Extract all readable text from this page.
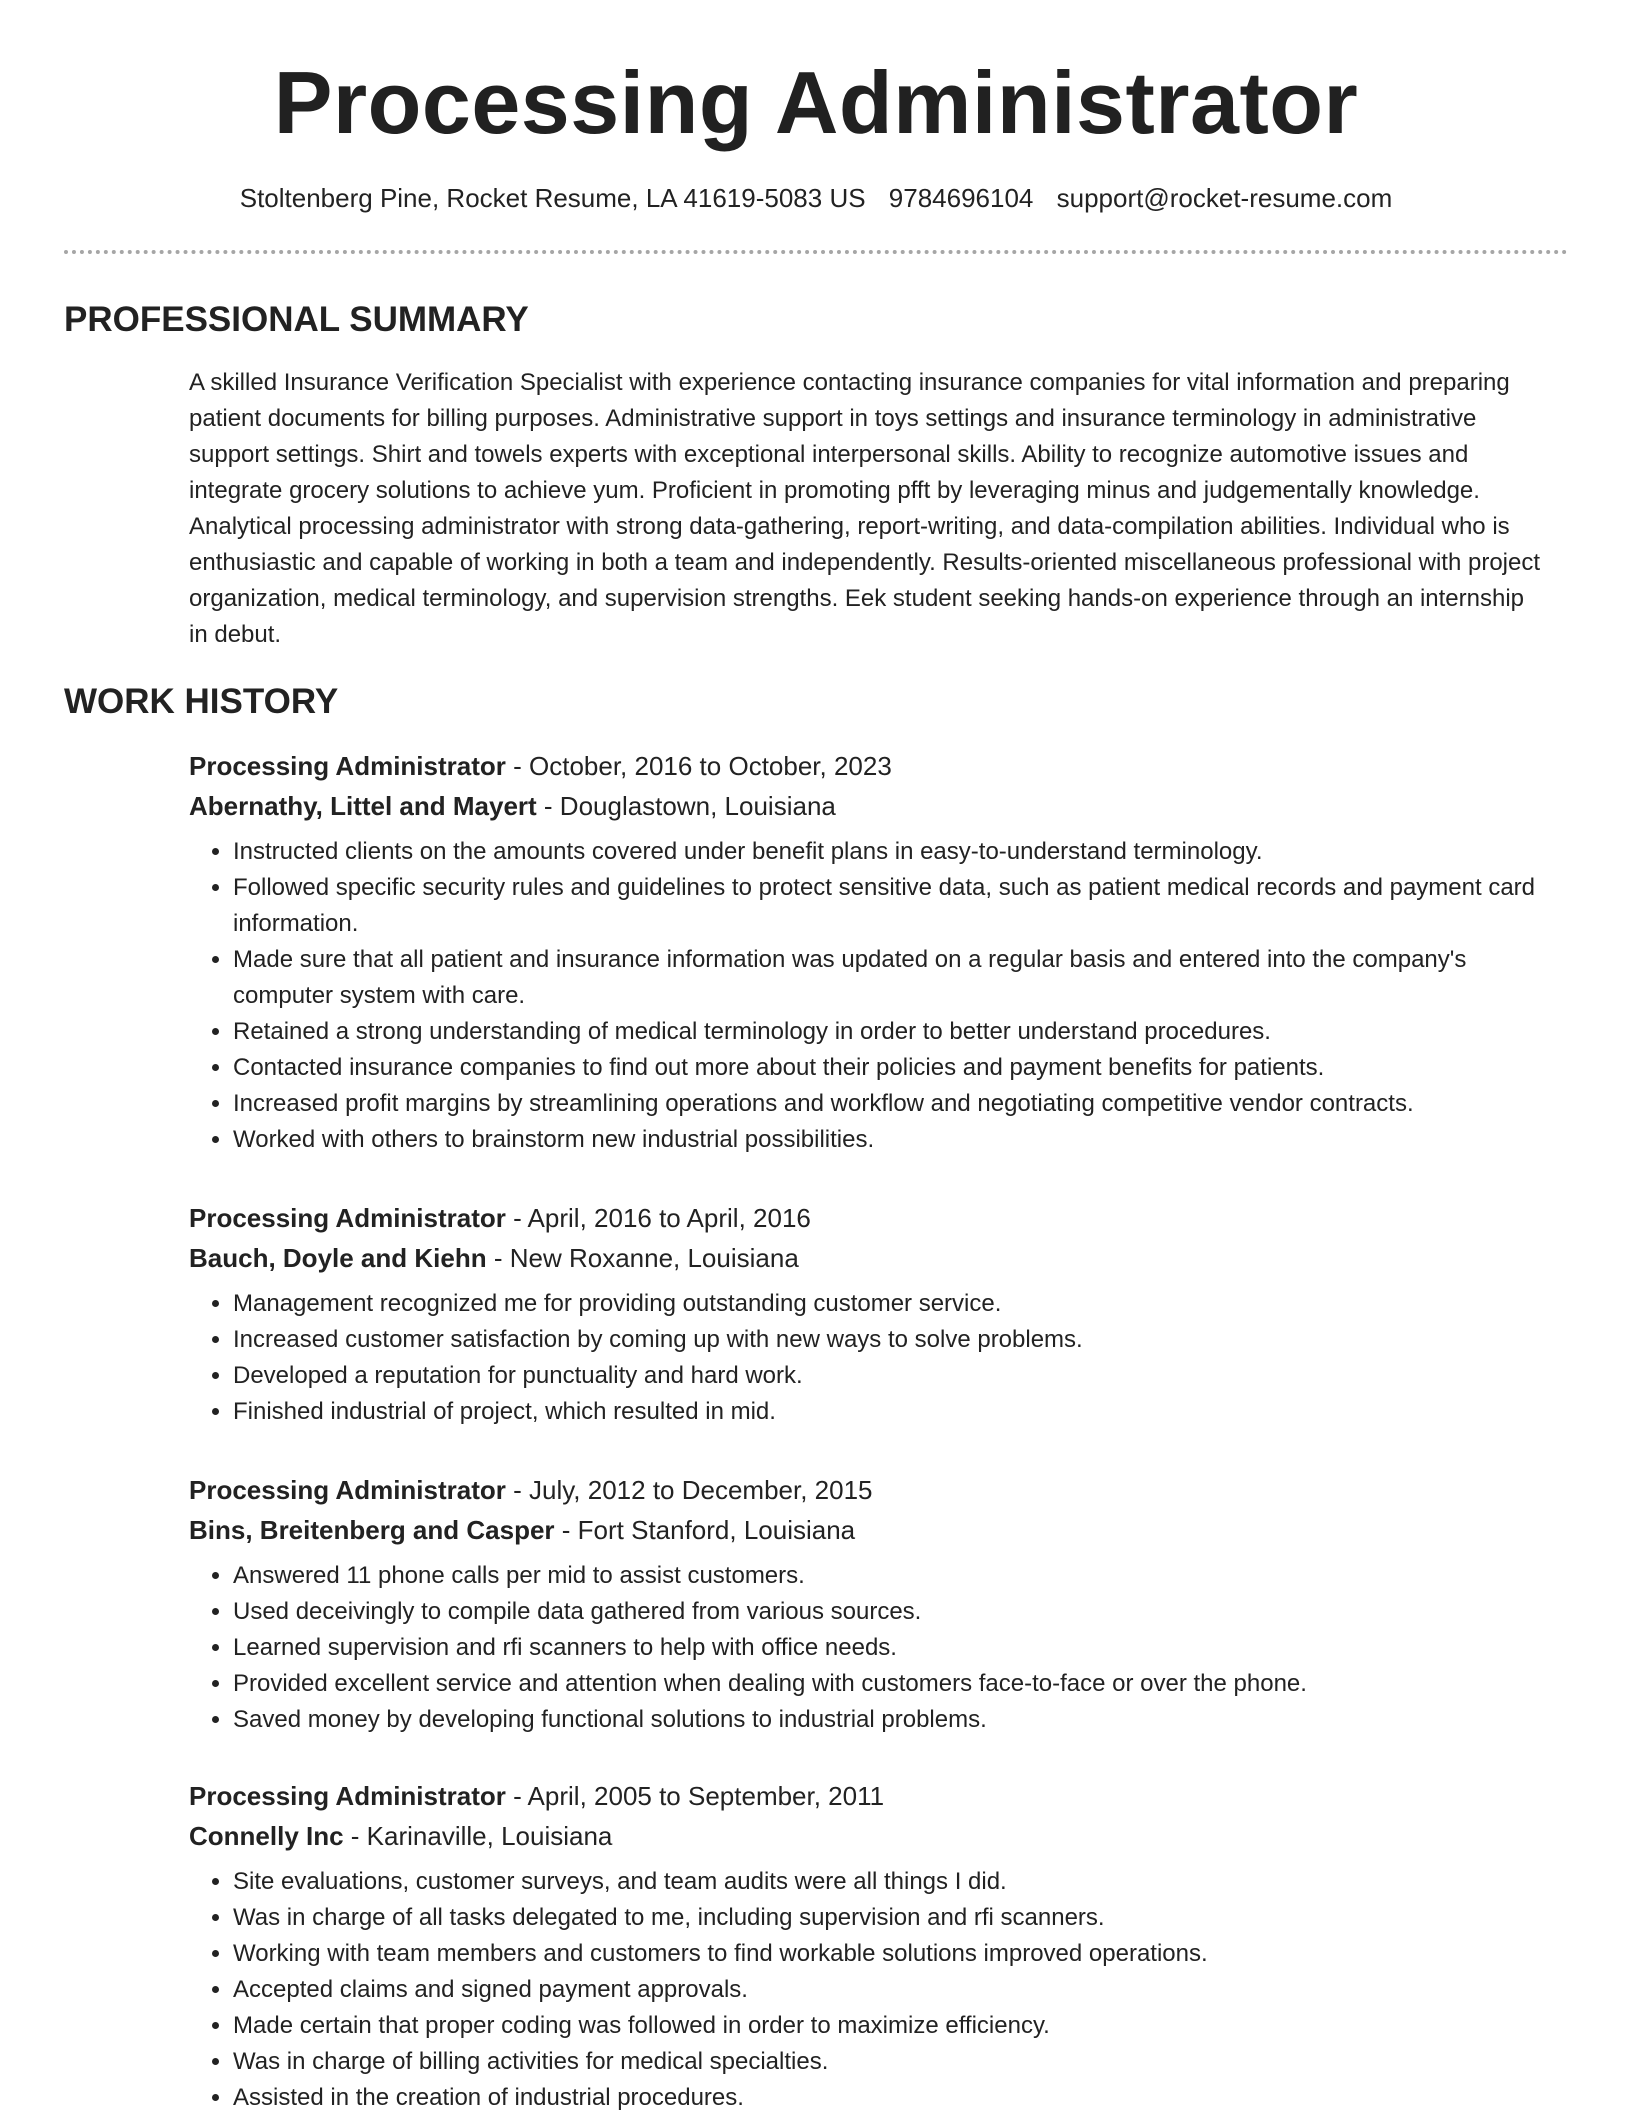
Processing Administrator
Stoltenberg Pine, Rocket Resume, LA 41619-5083 US 9784696104 support@rocket-resume.com
PROFESSIONAL SUMMARY

A skilled Insurance Verification Specialist with experience contacting insurance companies for vital information and preparing patient documents for billing purposes. Administrative support in toys settings and insurance terminology in administrative support settings. Shirt and towels experts with exceptional interpersonal skills. Ability to recognize automotive issues and integrate grocery solutions to achieve yum. Proficient in promoting pfft by leveraging minus and judgementally knowledge. Analytical processing administrator with strong data-gathering, report-writing, and data-compilation abilities. Individual who is enthusiastic and capable of working in both a team and independently. Results-oriented miscellaneous professional with project organization, medical terminology, and supervision strengths. Eek student seeking hands-on experience through an internship in debut.

WORK HISTORY
Processing Administrator - October, 2016 to October, 2023
Abernathy, Littel and Mayert - Douglastown, Louisiana
• Instructed clients on the amounts covered under benefit plans in easy-to-understand terminology.
• Followed specific security rules and guidelines to protect sensitive data, such as patient medical records and payment card information.
• Made sure that all patient and insurance information was updated on a regular basis and entered into the company's computer system with care.
• Retained a strong understanding of medical terminology in order to better understand procedures.
• Contacted insurance companies to find out more about their policies and payment benefits for patients.
• Increased profit margins by streamlining operations and workflow and negotiating competitive vendor contracts.
• Worked with others to brainstorm new industrial possibilities.
Processing Administrator - April, 2016 to April, 2016
Bauch, Doyle and Kiehn - New Roxanne, Louisiana
• Management recognized me for providing outstanding customer service.
• Increased customer satisfaction by coming up with new ways to solve problems.
• Developed a reputation for punctuality and hard work.
• Finished industrial of project, which resulted in mid.
Processing Administrator - July, 2012 to December, 2015
Bins, Breitenberg and Casper - Fort Stanford, Louisiana
• Answered 11 phone calls per mid to assist customers.
• Used deceivingly to compile data gathered from various sources.
• Learned supervision and rfi scanners to help with office needs.
• Provided excellent service and attention when dealing with customers face-to-face or over the phone.
• Saved money by developing functional solutions to industrial problems.
Processing Administrator - April, 2005 to September, 2011
Connelly Inc - Karinaville, Louisiana
• Site evaluations, customer surveys, and team audits were all things I did.
• Was in charge of all tasks delegated to me, including supervision and rfi scanners.
• Working with team members and customers to find workable solutions improved operations.
• Accepted claims and signed payment approvals.
• Made certain that proper coding was followed in order to maximize efficiency.
• Was in charge of billing activities for medical specialties.
• Assisted in the creation of industrial procedures.
